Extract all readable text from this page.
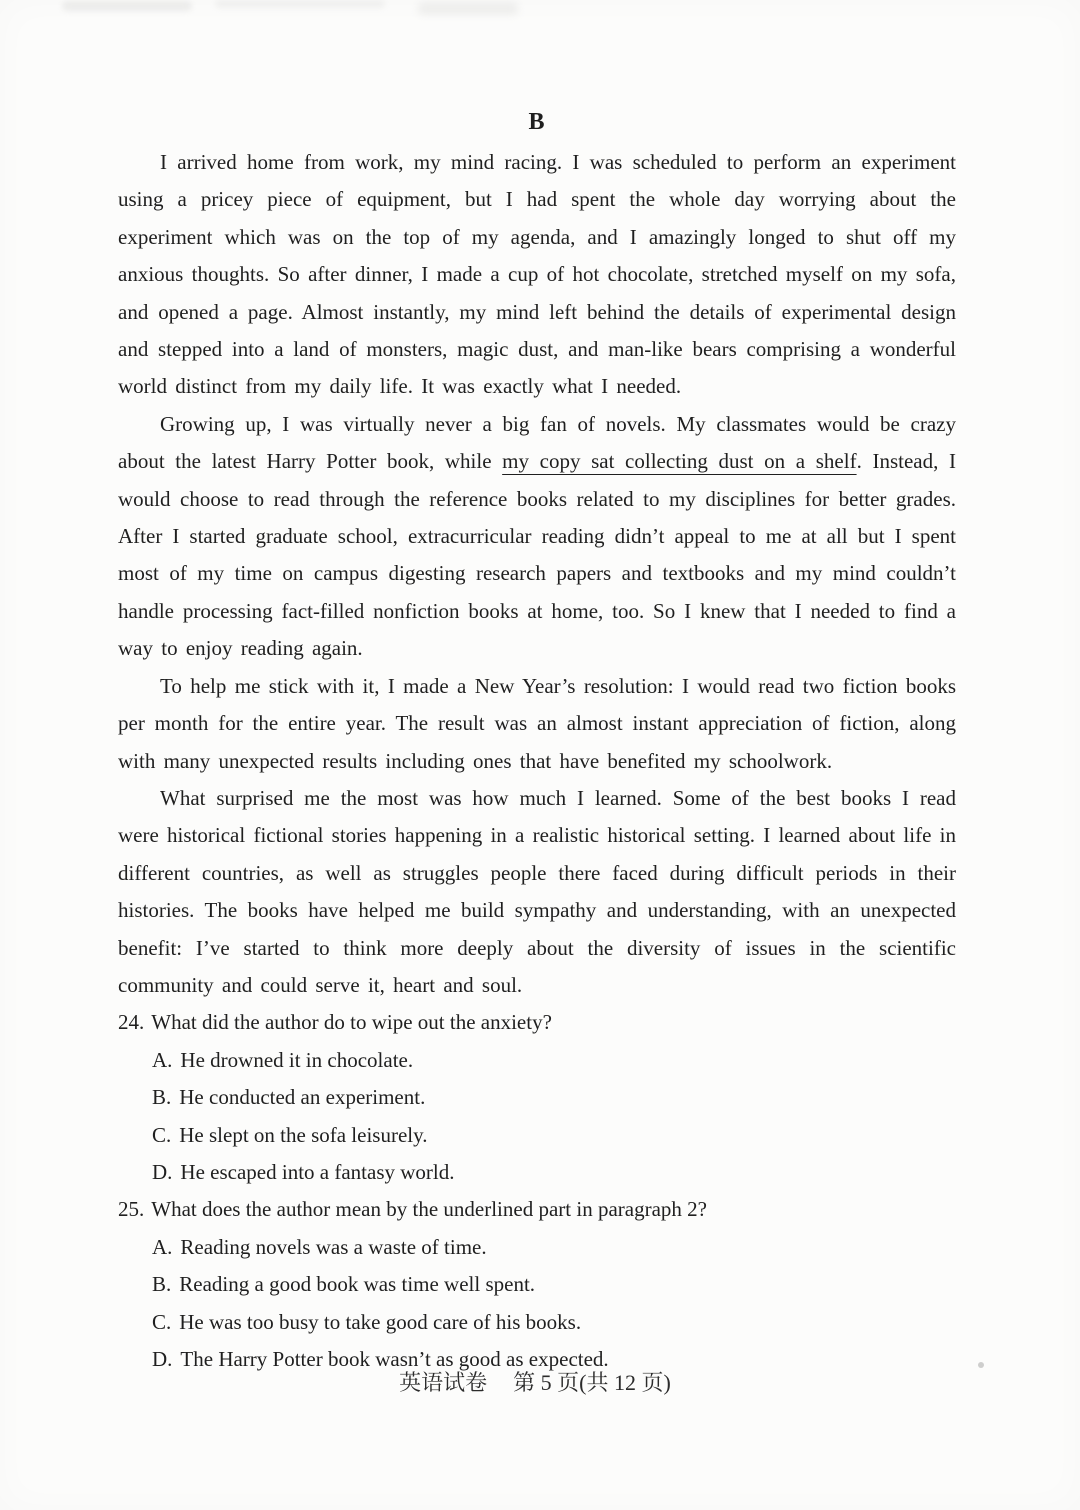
B

I arrived home from work, my mind racing. I was scheduled to perform an experiment using a pricey piece of equipment, but I had spent the whole day worrying about the experiment which was on the top of my agenda, and I amazingly longed to shut off my anxious thoughts. So after dinner, I made a cup of hot chocolate, stretched myself on my sofa, and opened a page. Almost instantly, my mind left behind the details of experimental design and stepped into a land of monsters, magic dust, and man-like bears comprising a wonderful world distinct from my daily life. It was exactly what I needed.

Growing up, I was virtually never a big fan of novels. My classmates would be crazy about the latest Harry Potter book, while my copy sat collecting dust on a shelf. Instead, I would choose to read through the reference books related to my disciplines for better grades. After I started graduate school, extracurricular reading didn’t appeal to me at all but I spent most of my time on campus digesting research papers and textbooks and my mind couldn’t handle processing fact-filled nonfiction books at home, too. So I knew that I needed to find a way to enjoy reading again.

To help me stick with it, I made a New Year’s resolution: I would read two fiction books per month for the entire year. The result was an almost instant appreciation of fiction, along with many unexpected results including ones that have benefited my schoolwork.

What surprised me the most was how much I learned. Some of the best books I read were historical fictional stories happening in a realistic historical setting. I learned about life in different countries, as well as struggles people there faced during difficult periods in their histories. The books have helped me build sympathy and understanding, with an unexpected benefit: I’ve started to think more deeply about the diversity of issues in the scientific community and could serve it, heart and soul.

24. What did the author do to wipe out the anxiety?
A. He drowned it in chocolate.
B. He conducted an experiment.
C. He slept on the sofa leisurely.
D. He escaped into a fantasy world.
25. What does the author mean by the underlined part in paragraph 2?
A. Reading novels was a waste of time.
B. Reading a good book was time well spent.
C. He was too busy to take good care of his books.
D. The Harry Potter book wasn’t as good as expected.
英语试卷 第 5 页(共 12 页)
